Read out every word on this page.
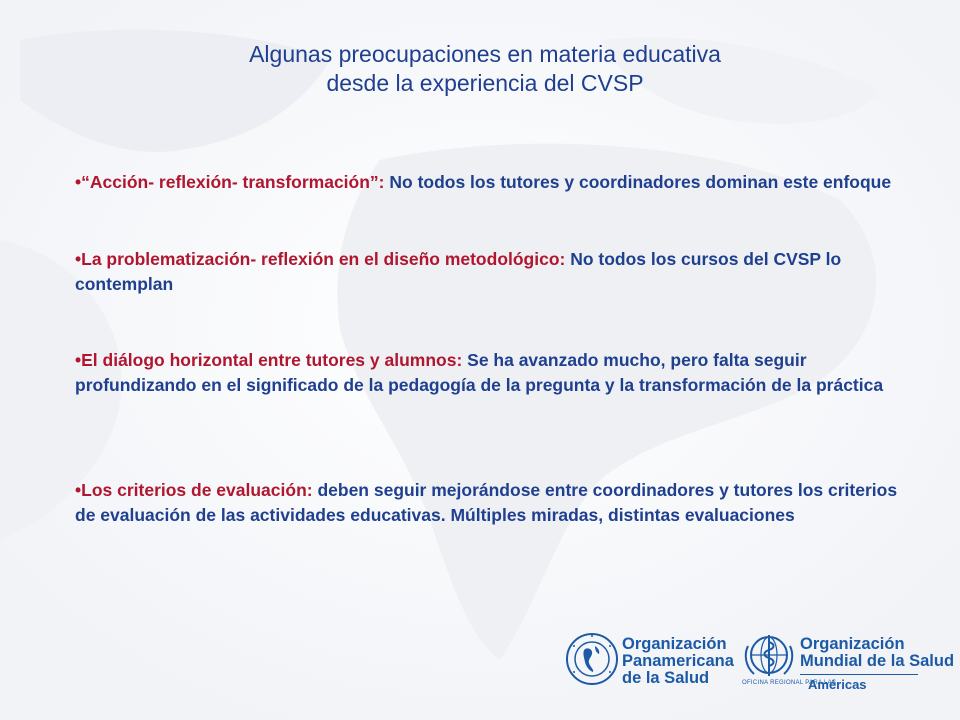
Algunas preocupaciones en materia educativa
desde la experiencia del CVSP
•“Acción- reflexión- transformación”: No todos los tutores y coordinadores dominan este enfoque
•La problematización- reflexión en el diseño metodológico: No todos los cursos del CVSP lo contemplan
•El diálogo horizontal entre tutores y alumnos: Se ha avanzado mucho, pero falta seguir profundizando en el significado de la pedagogía de la pregunta y la transformación de la práctica
•Los criterios de evaluación: deben seguir mejorándose entre coordinadores y tutores los criterios de evaluación de las actividades educativas. Múltiples miradas, distintas evaluaciones
Organización
Panamericana
de la Salud
Organización
Mundial de la Salud
OFICINA REGIONAL PARA LAS
Américas
